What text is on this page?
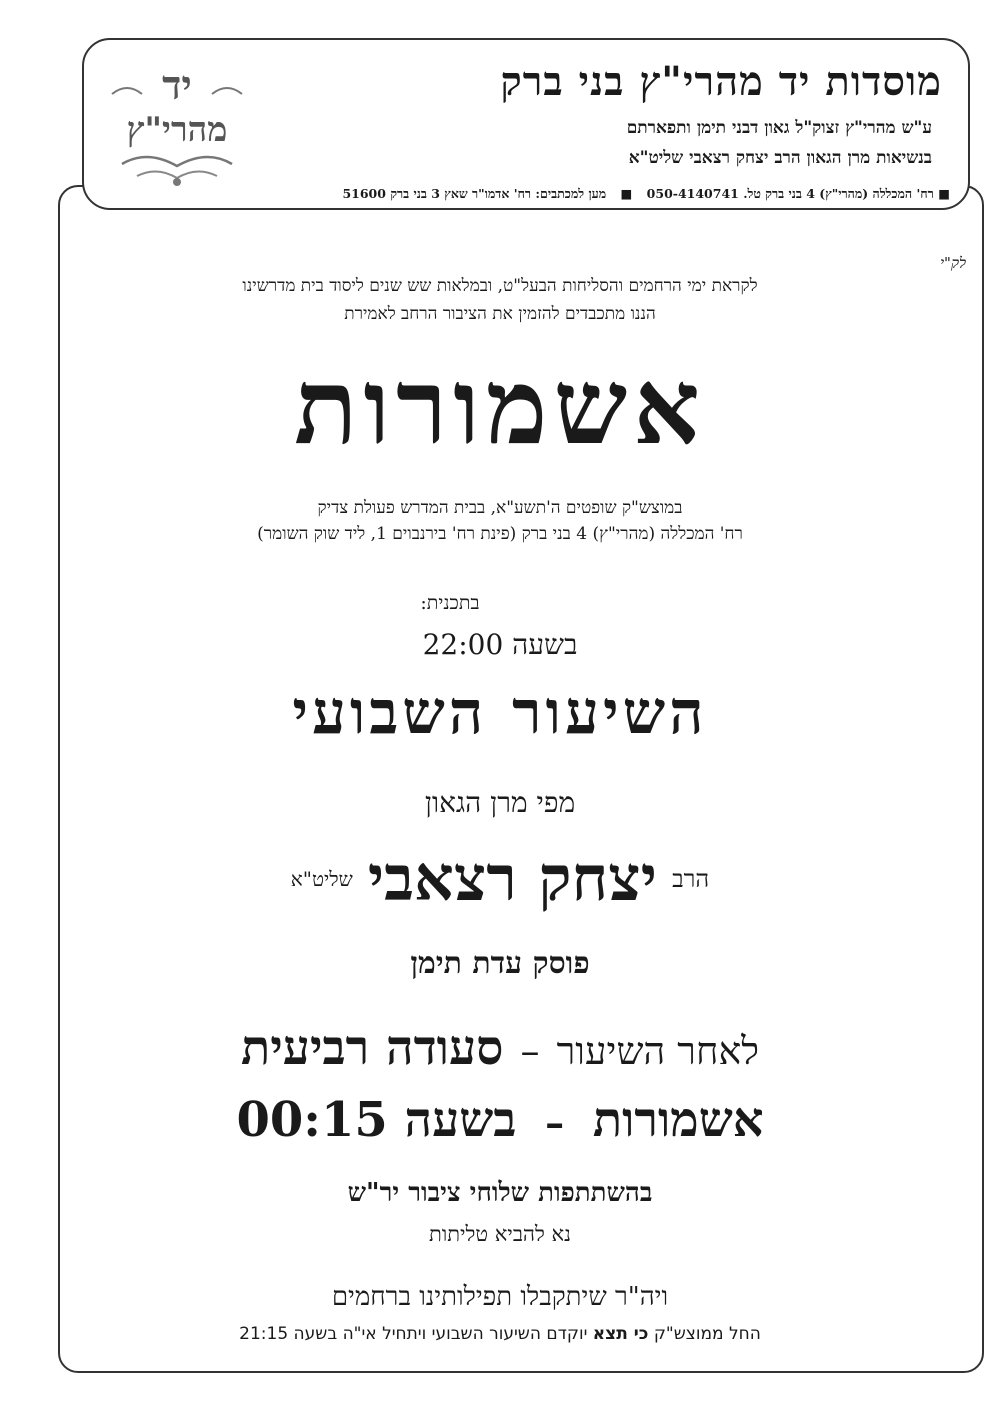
יד
מהרי"ץ
מוסדות יד מהרי"ץ בני ברק
ע"ש מהרי"ץ זצוק"ל גאון דבני תימן ותפארתם
בנשיאות מרן הגאון הרב יצחק רצאבי שליט"א
■ רח' המכללה (מהרי"ץ) 4 בני ברק טל. 050-4140741 ■ מען למכתבים: רח' אדמו"ר שאץ 3 בני ברק 51600
לק"י
לקראת ימי הרחמים והסליחות הבעל"ט, ובמלאות שש שנים ליסוד בית מדרשינו
הננו מתכבדים להזמין את הציבור הרחב לאמירת
אשמורות
במוצש"ק שופטים ה'תשע"א, בבית המדרש פעולת צדיק
רח' המכללה (מהרי"ץ) 4 בני ברק (פינת רח' בירנבוים 1, ליד שוק השומר)
בתכנית:
בשעה 22:00
השיעור השבועי
מפי מרן הגאון
הרב יצחק רצאבי שליט"א
פוסק עדת תימן
לאחר השיעור – סעודה רביעית
אשמורות – בשעה 00:15
בהשתתפות שלוחי ציבור יר"ש
נא להביא טליתות
ויה"ר שיתקבלו תפילותינו ברחמים
החל ממוצש"ק כי תצא יוקדם השיעור השבועי ויתחיל אי"ה בשעה 21:15
